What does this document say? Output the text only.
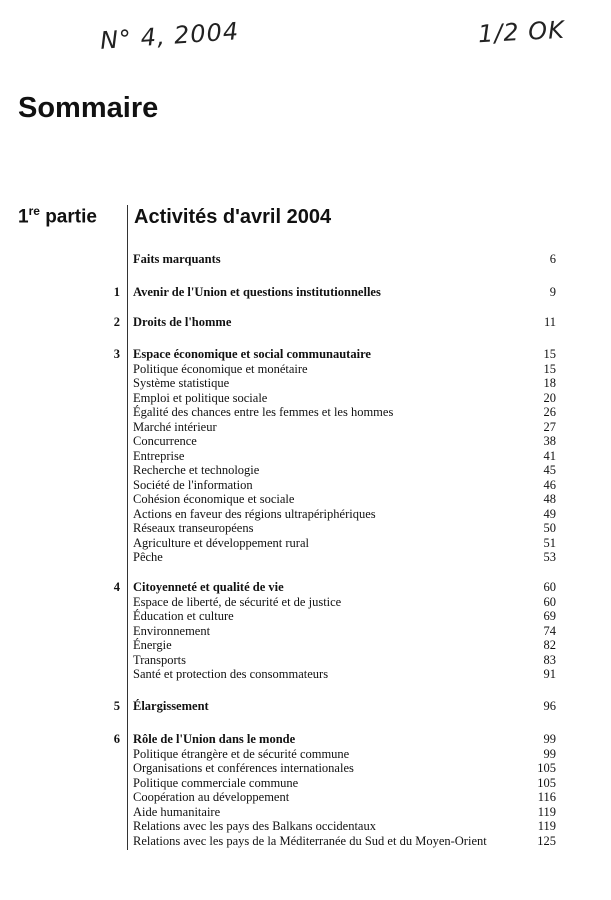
N° 4, 2004	1/2 OK
Sommaire
1re partie Activités d'avril 2004
Faits marquants	6
1 Avenir de l'Union et questions institutionnelles	9
2 Droits de l'homme	11
3 Espace économique et social communautaire	15
Politique économique et monétaire	15
Système statistique	18
Emploi et politique sociale	20
Égalité des chances entre les femmes et les hommes	26
Marché intérieur	27
Concurrence	38
Entreprise	41
Recherche et technologie	45
Société de l'information	46
Cohésion économique et sociale	48
Actions en faveur des régions ultrapériphériques	49
Réseaux transeuropéens	50
Agriculture et développement rural	51
Pêche	53
4 Citoyenneté et qualité de vie	60
Espace de liberté, de sécurité et de justice	60
Éducation et culture	69
Environnement	74
Énergie	82
Transports	83
Santé et protection des consommateurs	91
5 Élargissement	96
6 Rôle de l'Union dans le monde	99
Politique étrangère et de sécurité commune	99
Organisations et conférences internationales	105
Politique commerciale commune	105
Coopération au développement	116
Aide humanitaire	119
Relations avec les pays des Balkans occidentaux	119
Relations avec les pays de la Méditerranée du Sud et du Moyen-Orient	125
